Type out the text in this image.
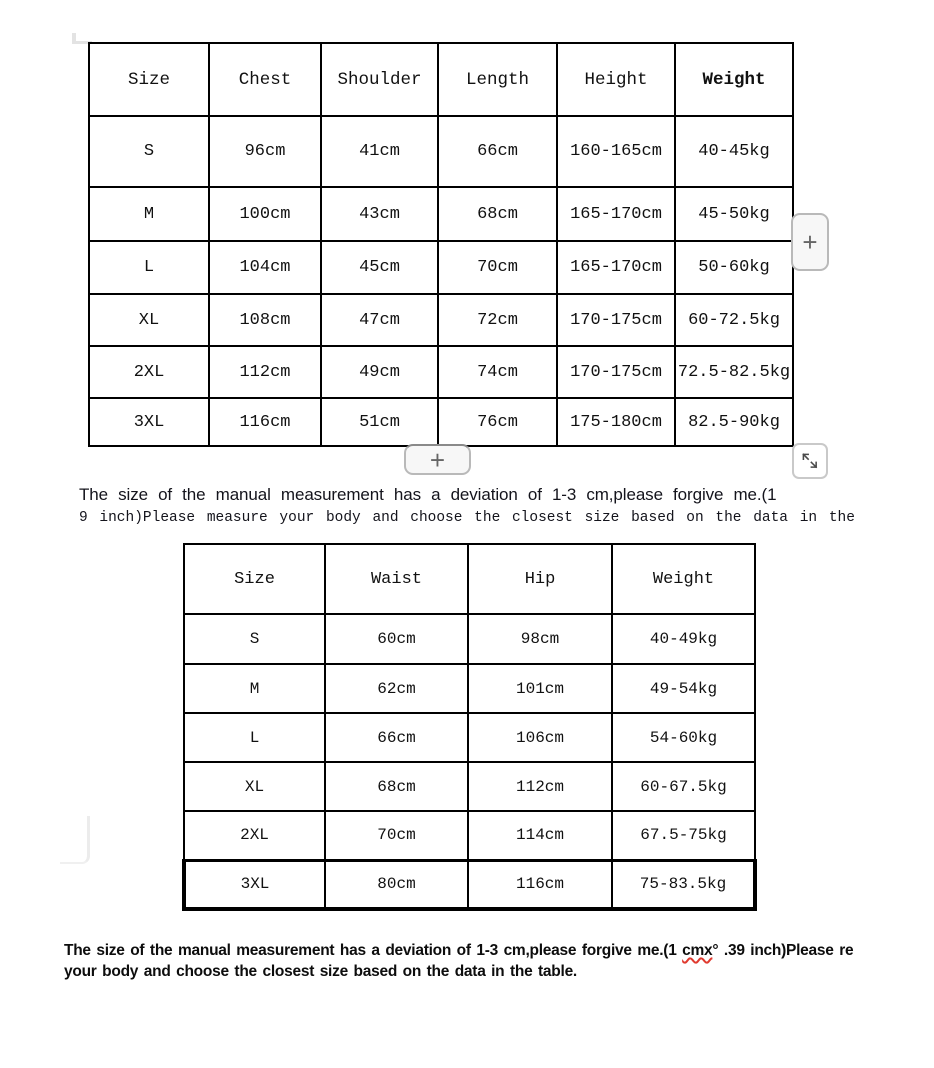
Size	Chest	Shoulder	Length	Height	Weight
S	96cm	41cm	66cm	160-165cm	40-45kg
M	100cm	43cm	68cm	165-170cm	45-50kg
L	104cm	45cm	70cm	165-170cm	50-60kg
XL	108cm	47cm	72cm	170-175cm	60-72.5kg
2XL	112cm	49cm	74cm	170-175cm	72.5-82.5kg
3XL	116cm	51cm	76cm	175-180cm	82.5-90kg
+
+
The size of the manual measurement has a deviation of 1-3 cm,please forgive me.(1
9 inch)Please measure your body and choose the closest size based on the data in the
Size	Waist	Hip	Weight
S	60cm	98cm	40-49kg
M	62cm	101cm	49-54kg
L	66cm	106cm	54-60kg
XL	68cm	112cm	60-67.5kg
2XL	70cm	114cm	67.5-75kg
3XL	80cm	116cm	75-83.5kg
The size of the manual measurement has a deviation of 1-3 cm,please forgive me.(1 cmx° .39 inch)Please re your body and choose the closest size based on the data in the table.
